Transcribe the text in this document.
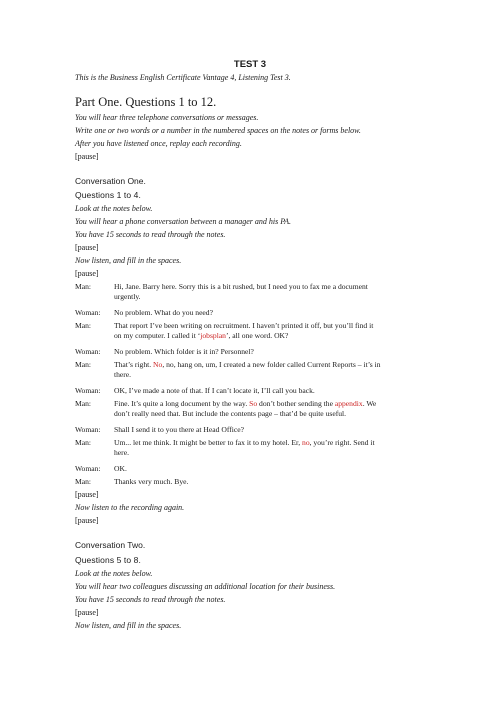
TEST 3
This is the Business English Certificate Vantage 4, Listening Test 3.
Part One. Questions 1 to 12.
You will hear three telephone conversations or messages.
Write one or two words or a number in the numbered spaces on the notes or forms below.
After you have listened once, replay each recording.
[pause]
Conversation One.
Questions 1 to 4.
Look at the notes below.
You will hear a phone conversation between a manager and his PA.
You have 15 seconds to read through the notes.
[pause]
Now listen, and fill in the spaces.
[pause]
Man:	Hi, Jane. Barry here. Sorry this is a bit rushed, but I need you to fax me a document
urgently.
Woman: No problem. What do you need?
Man:	That report I’ve been writing on recruitment. I haven’t printed it off, but you’ll find it
on my computer. I called it ‘jobsplan’, all one word. OK?
Woman: No problem. Which folder is it in? Personnel?
Man:	That’s right. No, no, hang on, um, I created a new folder called Current Reports – it’s in
there.
Woman: OK, I’ve made a note of that. If I can’t locate it, I’ll call you back.
Man:	Fine. It’s quite a long document by the way. So don’t bother sending the appendix. We
don’t really need that. But include the contents page – that’d be quite useful.
Woman: Shall I send it to you there at Head Office?
Man:	Um... let me think. It might be better to fax it to my hotel. Er, no, you’re right. Send it
here.
Woman: OK.
Man:	Thanks very much. Bye.
[pause]
Now listen to the recording again.
[pause]
Conversation Two.
Questions 5 to 8.
Look at the notes below.
You will hear two colleagues discussing an additional location for their business.
You have 15 seconds to read through the notes.
[pause]
Now listen, and fill in the spaces.
